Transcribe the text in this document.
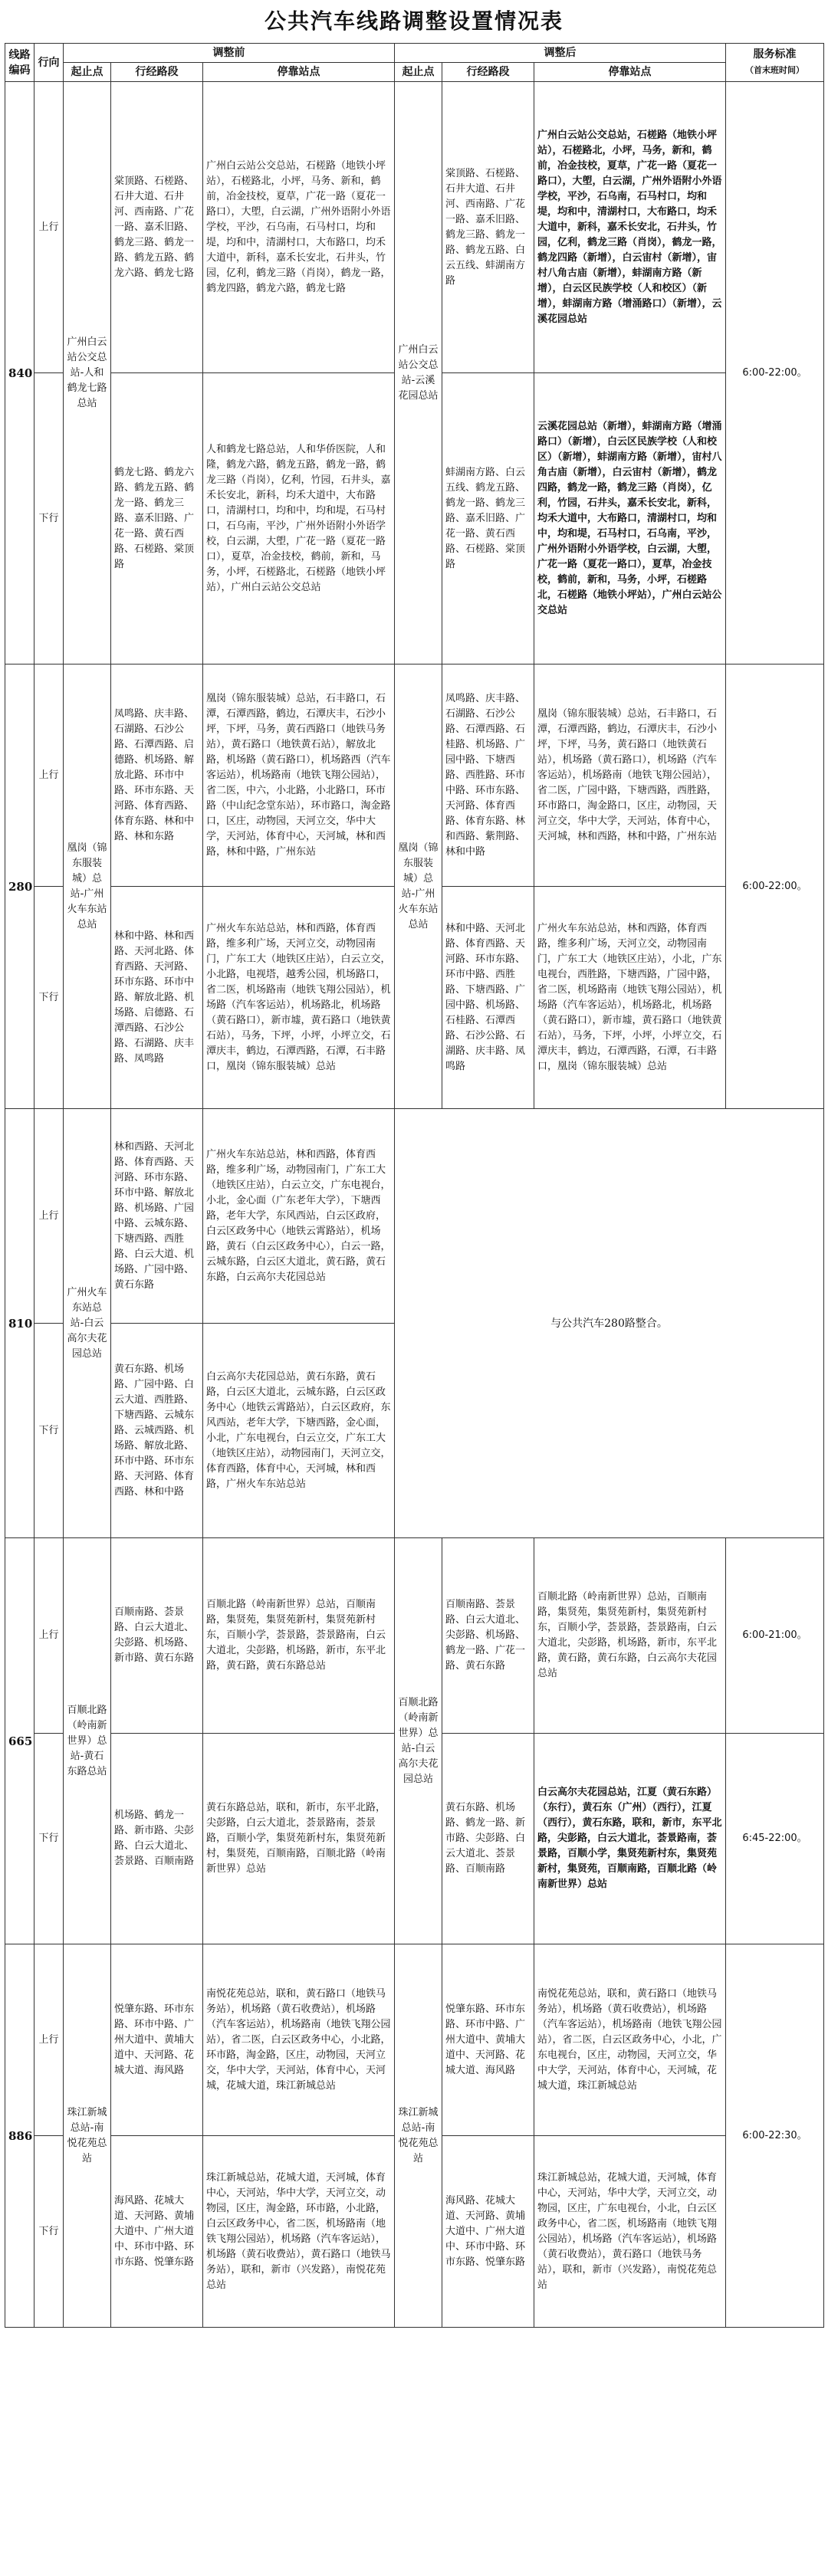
公共汽车线路调整设置情况表
线路编码	行向	调整前			调整后			服务标准
（首末班时间）
		起止点	行经路段	停靠站点	起止点	行经路段	停靠站点	
840	上行	广州白云站公交总站-人和鹤龙七路总站	棠顶路、石槎路、石井大道、石井河、西南路、广花一路、嘉禾旧路、鹤龙三路、鹤龙一路、鹤龙五路、鹤龙六路、鹤龙七路	广州白云站公交总站，石槎路（地铁小坪站），石槎路北，小坪，马务、新和，鹤前，冶金技校，夏草，广花一路（夏花一路口），大塱，白云湖，广州外语附小外语学校，平沙，石乌南，石马村口，均和堤，均和中，清湖村口，大布路口，均禾大道中，新科，嘉禾长安北，石井头，竹园，亿利，鹤龙三路（肖岗），鹤龙一路，鹤龙四路，鹤龙六路，鹤龙七路	广州白云站公交总站-云溪花园总站	棠顶路、石槎路、石井大道、石井河、西南路、广花一路、嘉禾旧路、鹤龙三路、鹤龙一路、鹤龙五路、白云五线、蚌湖南方路	广州白云站公交总站，石槎路（地铁小坪站），石槎路北，小坪，马务，新和，鹤前，冶金技校，夏草，广花一路（夏花一路口），大塱，白云湖，广州外语附小外语学校，平沙，石乌南，石马村口，均和堤，均和中，清湖村口，大布路口，均禾大道中，新科，嘉禾长安北，石井头，竹园，亿利，鹤龙三路（肖岗），鹤龙一路，鹤龙四路（新增），白云宙村（新增），宙村八角古庙（新增），蚌湖南方路（新增），白云区民族学校（人和校区）（新增），蚌湖南方路（增涌路口）（新增），云溪花园总站	6:00-22:00。
	下行		鹤龙七路、鹤龙六路、鹤龙五路、鹤龙一路、鹤龙三路、嘉禾旧路、广花一路、黄石西路、石槎路、棠顶路	人和鹤龙七路总站，人和华侨医院，人和隆，鹤龙六路，鹤龙五路，鹤龙一路，鹤龙三路（肖岗），亿利，竹园，石井头，嘉禾长安北，新科，均禾大道中，大布路口，清湖村口，均和中，均和堤，石马村口，石乌南，平沙，广州外语附小外语学校，白云湖，大塱，广花一路（夏花一路口），夏草，冶金技校，鹤前，新和，马务，小坪，石槎路北，石槎路（地铁小坪站），广州白云站公交总站		蚌湖南方路、白云五线、鹤龙五路、鹤龙一路、鹤龙三路、嘉禾旧路、广花一路、黄石西路、石槎路、棠顶路	云溪花园总站（新增），蚌湖南方路（增涌路口）（新增），白云区民族学校（人和校区）（新增），蚌湖南方路（新增），宙村八角古庙（新增），白云宙村（新增），鹤龙四路，鹤龙一路，鹤龙三路（肖岗），亿利，竹园，石井头，嘉禾长安北，新科，均禾大道中，大布路口，清湖村口，均和中，均和堤，石马村口，石乌南，平沙，广州外语附小外语学校，白云湖，大塱，广花一路（夏花一路口），夏草，冶金技校，鹤前，新和，马务，小坪，石槎路北，石槎路（地铁小坪站），广州白云站公交总站	
280	上行	凰岗（锦东服装城）总站-广州火车东站总站	凤鸣路、庆丰路、石湖路、石沙公路、石潭西路、启德路、机场路、解放北路、环市中路、环市东路、天河路、体育西路、体育东路、林和中路、林和东路	凰岗（锦东服装城）总站，石丰路口，石潭，石潭西路，鹤边，石潭庆丰，石沙小坪，下坪，马务，黄石西路口（地铁马务站），黄石路口（地铁黄石站），解放北路，机场路（黄石路口），机场路西（汽车客运站），机场路南（地铁飞翔公园站），省二医，中六，小北路，小北路口，环市路（中山纪念堂东站），环市路口，淘金路口，区庄，动物园，天河立交，华中大学，天河站，体育中心，天河城，林和西路，林和中路，广州东站	凰岗（锦东服装城）总站-广州火车东站总站	凤鸣路、庆丰路、石湖路、石沙公路、石潭西路、石桂路、机场路、广园中路、下塘西路、西胜路、环市中路、环市东路、天河路、体育西路、体育东路、林和西路、紫荆路、林和中路	凰岗（锦东服装城）总站，石丰路口，石潭，石潭西路，鹤边，石潭庆丰，石沙小坪，下坪，马务，黄石路口（地铁黄石站），机场路（黄石路口），机场路（汽车客运站），机场路南（地铁飞翔公园站），省二医，广园中路，下塘西路，西胜路，环市路口，淘金路口，区庄，动物园，天河立交，华中大学，天河站，体育中心，天河城，林和西路，林和中路，广州东站	6:00-22:00。
	下行		林和中路、林和西路、天河北路、体育西路、天河路、环市东路、环市中路、解放北路、机场路、启德路、石潭西路、石沙公路、石湖路、庆丰路、凤鸣路	广州火车东站总站，林和西路，体育西路，维多利广场，天河立交，动物园南门，广东工大（地铁区庄站），白云立交，小北路，电视塔，越秀公园，机场路口，省二医，机场路南（地铁飞翔公园站），机场路（汽车客运站），机场路北，机场路（黄石路口），新市墟，黄石路口（地铁黄石站），马务，下坪，小坪，小坪立交，石潭庆丰，鹤边，石潭西路，石潭，石丰路口，凰岗（锦东服装城）总站		林和中路、天河北路、体育西路、天河路、环市东路、环市中路、西胜路、下塘西路、广园中路、机场路、石桂路、石潭西路、石沙公路、石湖路、庆丰路、凤鸣路	广州火车东站总站，林和西路，体育西路，维多利广场，天河立交，动物园南门，广东工大（地铁区庄站），小北，广东电视台，西胜路，下塘西路，广园中路，省二医，机场路南（地铁飞翔公园站），机场路（汽车客运站），机场路北，机场路（黄石路口），新市墟，黄石路口（地铁黄石站），马务，下坪，小坪，小坪立交，石潭庆丰，鹤边，石潭西路，石潭，石丰路口，凰岗（锦东服装城）总站	
810	上行	广州火车东站总站-白云高尔夫花园总站	林和西路、天河北路、体育西路、天河路、环市东路、环市中路、解放北路、机场路、广园中路、云城东路、下塘西路、西胜路、白云大道、机场路、广园中路、黄石东路	广州火车东站总站，林和西路，体育西路，维多利广场，动物园南门，广东工大（地铁区庄站），白云立交，广东电视台，小北，金心面（广东老年大学），下塘西路，老年大学，东风西站，白云区政府，白云区政务中心（地铁云霄路站），机场路，黄石（白云区政务中心），白云一路，云城东路，白云区大道北，黄石路，黄石东路，白云高尔夫花园总站	与公共汽车280路整合。			
	下行		黄石东路、机场路、广园中路、白云大道、西胜路、下塘西路、云城东路、云城西路、机场路、解放北路、环市中路、环市东路、天河路、体育西路、林和中路	白云高尔夫花园总站，黄石东路，黄石路，白云区大道北，云城东路，白云区政务中心（地铁云霄路站），白云区政府，东风西站，老年大学，下塘西路，金心面，小北，广东电视台，白云立交，广东工大（地铁区庄站），动物园南门，天河立交，体育西路，体育中心，天河城，林和西路，广州火车东站总站				
665	上行	百顺北路（岭南新世界）总站-黄石东路总站	百顺南路、荟景路、白云大道北、尖彭路、机场路、新市路、黄石东路	百顺北路（岭南新世界）总站，百顺南路，集贤苑，集贤苑新村，集贤苑新村东，百顺小学，荟景路，荟景路南，白云大道北，尖彭路，机场路，新市，东平北路，黄石路，黄石东路总站	百顺北路（岭南新世界）总站-白云高尔夫花园总站	百顺南路、荟景路、白云大道北、尖彭路、机场路、鹤龙一路、广花一路、黄石东路	百顺北路（岭南新世界）总站，百顺南路，集贤苑，集贤苑新村，集贤苑新村东，百顺小学，荟景路，荟景路南，白云大道北，尖彭路，机场路，新市，东平北路，黄石路，黄石东路，白云高尔夫花园总站	6:00-21:00。
	下行		机场路、鹤龙一路、新市路、尖彭路、白云大道北、荟景路、百顺南路	黄石东路总站，联和，新市，东平北路，尖彭路，白云大道北，荟景路南，荟景路，百顺小学，集贤苑新村东，集贤苑新村，集贤苑，百顺南路，百顺北路（岭南新世界）总站		黄石东路、机场路、鹤龙一路、新市路、尖彭路、白云大道北、荟景路、百顺南路	白云高尔夫花园总站，江夏（黄石东路）（东行），黄石东（广州）（西行），江夏（西行），黄石东路，联和，新市，东平北路，尖彭路，白云大道北，荟景路南，荟景路，百顺小学，集贤苑新村东，集贤苑新村，集贤苑，百顺南路，百顺北路（岭南新世界）总站	6:45-22:00。
886	上行	珠江新城总站-南悦花苑总站	悦肇东路、环市东路、环市中路、广州大道中、黄埔大道中、天河路、花城大道、海风路	南悦花苑总站，联和，黄石路口（地铁马务站），机场路（黄石收费站），机场路（汽车客运站），机场路南（地铁飞翔公园站），省二医，白云区政务中心，小北路，环市路，淘金路，区庄，动物园，天河立交，华中大学，天河站，体育中心，天河城，花城大道，珠江新城总站	珠江新城总站-南悦花苑总站	悦肇东路、环市东路、环市中路、广州大道中、黄埔大道中、天河路、花城大道、海风路	南悦花苑总站，联和，黄石路口（地铁马务站），机场路（黄石收费站），机场路（汽车客运站），机场路南（地铁飞翔公园站），省二医，白云区政务中心，小北，广东电视台，区庄，动物园，天河立交，华中大学，天河站，体育中心，天河城，花城大道，珠江新城总站	6:00-22:30。
	下行		海风路、花城大道、天河路、黄埔大道中、广州大道中、环市中路、环市东路、悦肇东路	珠江新城总站，花城大道，天河城，体育中心，天河站，华中大学，天河立交，动物园，区庄，淘金路，环市路，小北路，白云区政务中心，省二医，机场路南（地铁飞翔公园站），机场路（汽车客运站），机场路（黄石收费站），黄石路口（地铁马务站），联和，新市（兴发路），南悦花苑总站		海风路、花城大道、天河路、黄埔大道中、广州大道中、环市中路、环市东路、悦肇东路	珠江新城总站，花城大道，天河城，体育中心，天河站，华中大学，天河立交，动物园，区庄，广东电视台，小北，白云区政务中心，省二医，机场路南（地铁飞翔公园站），机场路（汽车客运站），机场路（黄石收费站），黄石路口（地铁马务站），联和，新市（兴发路），南悦花苑总站	
